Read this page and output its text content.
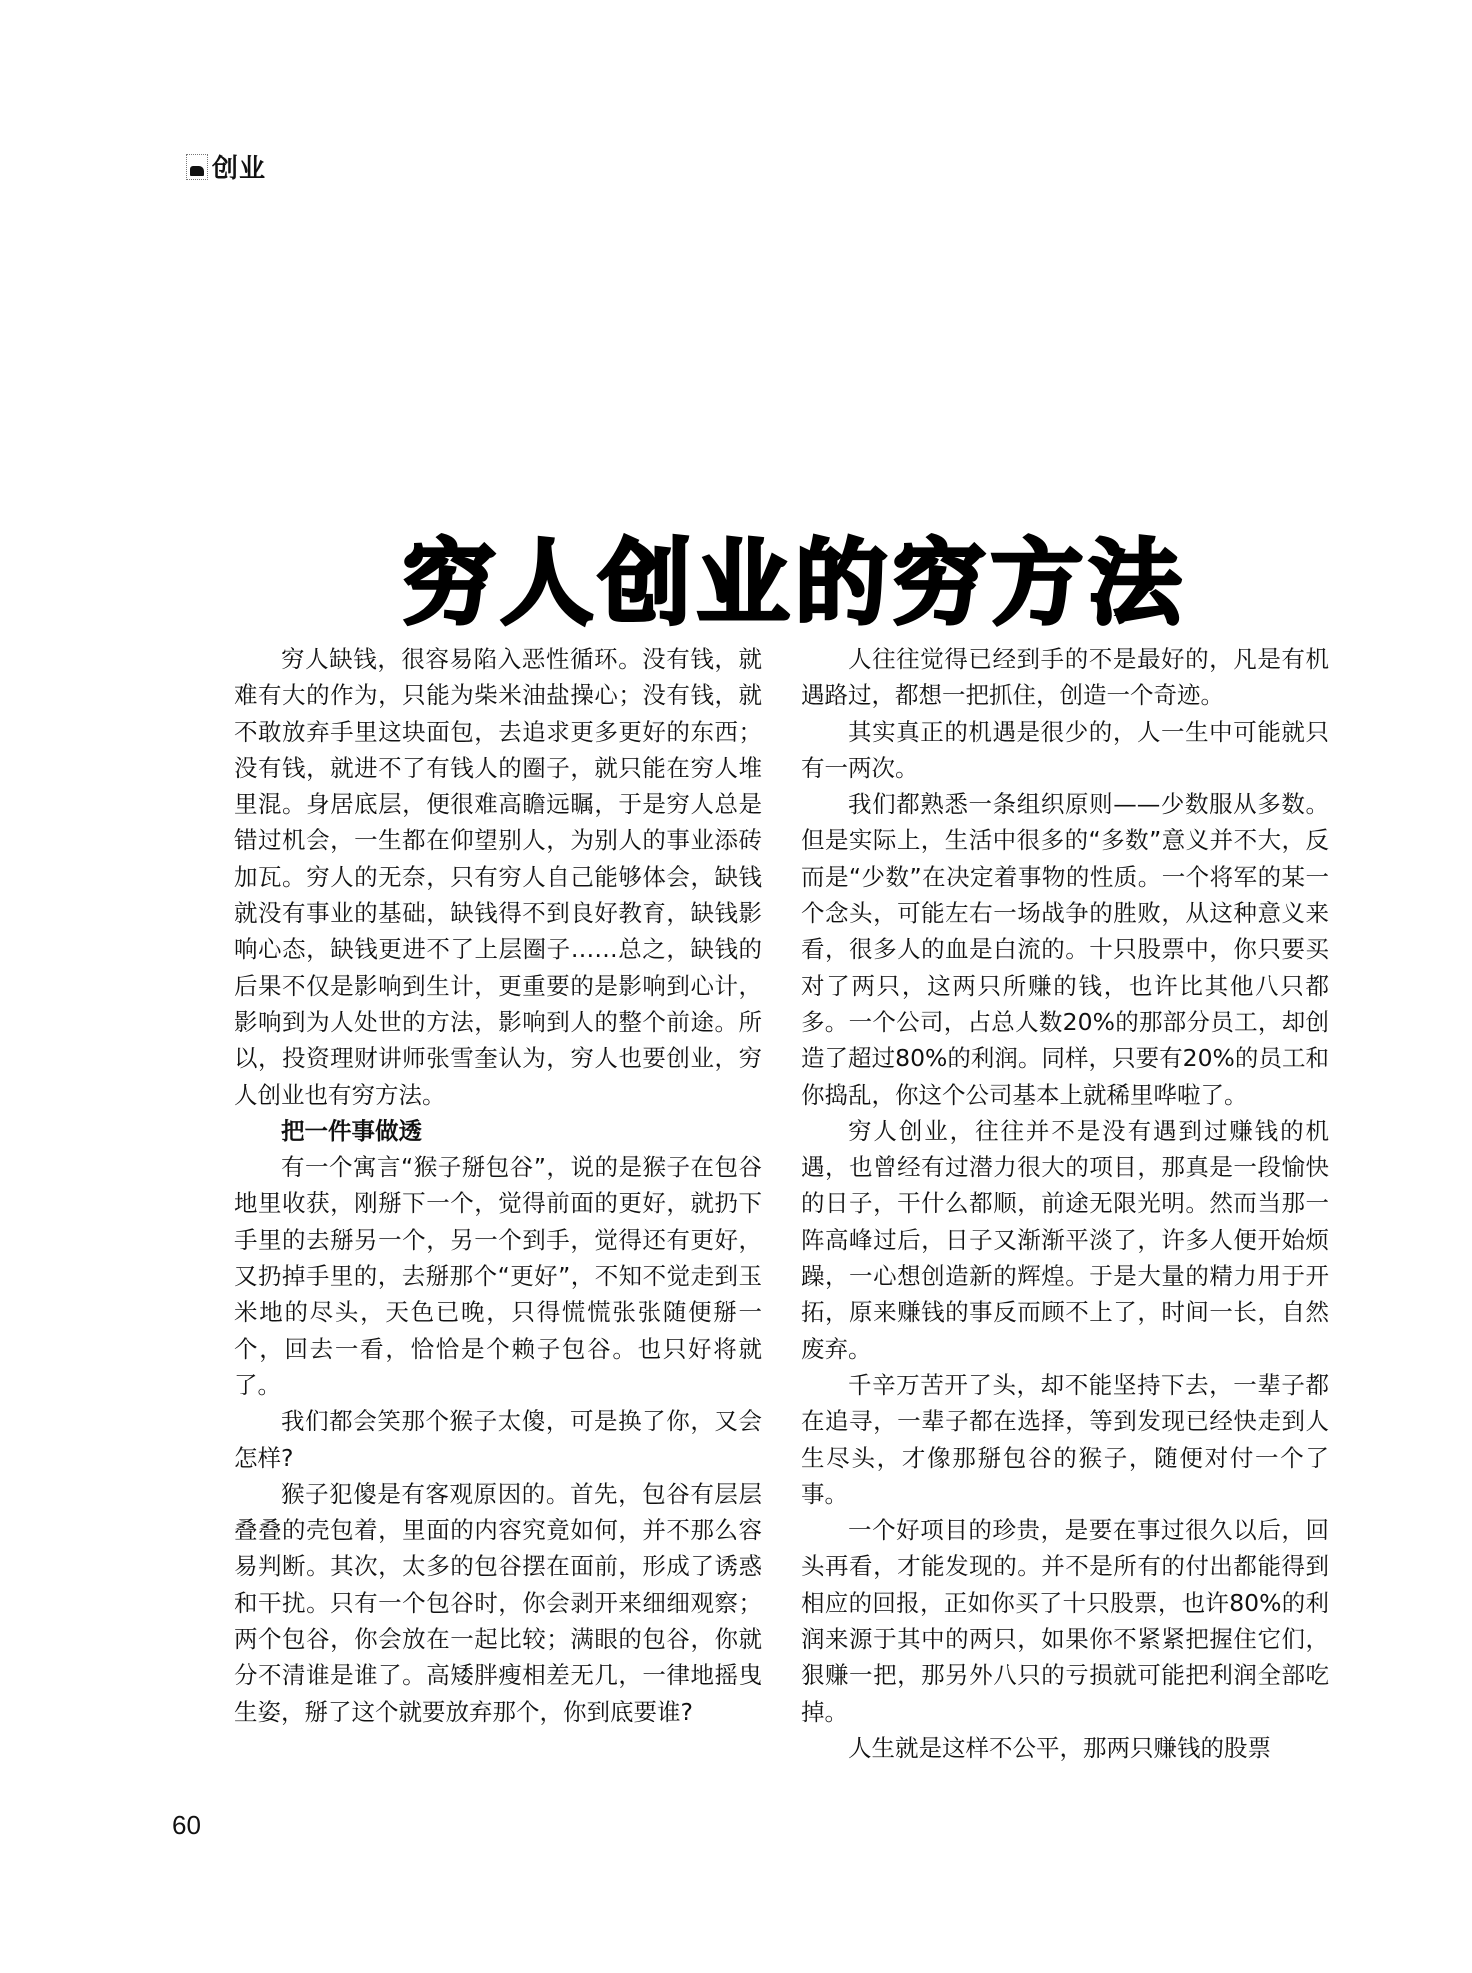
创业
穷人创业的穷方法

穷人缺钱，很容易陷入恶性循环。没有钱，就难有大的作为，只能为柴米油盐操心；没有钱，就不敢放弃手里这块面包，去追求更多更好的东西；没有钱，就进不了有钱人的圈子，就只能在穷人堆里混。身居底层，便很难高瞻远瞩，于是穷人总是错过机会，一生都在仰望别人，为别人的事业添砖加瓦。穷人的无奈，只有穷人自己能够体会，缺钱就没有事业的基础，缺钱得不到良好教育，缺钱影响心态，缺钱更进不了上层圈子……总之，缺钱的后果不仅是影响到生计，更重要的是影响到心计，影响到为人处世的方法，影响到人的整个前途。所以，投资理财讲师张雪奎认为，穷人也要创业，穷人创业也有穷方法。

把一件事做透

有一个寓言“猴子掰包谷”，说的是猴子在包谷地里收获，刚掰下一个，觉得前面的更好，就扔下手里的去掰另一个，另一个到手，觉得还有更好，又扔掉手里的，去掰那个“更好”，不知不觉走到玉米地的尽头，天色已晚，只得慌慌张张随便掰一个，回去一看，恰恰是个赖子包谷。也只好将就了。

我们都会笑那个猴子太傻，可是换了你，又会怎样?

猴子犯傻是有客观原因的。首先，包谷有层层叠叠的壳包着，里面的内容究竟如何，并不那么容易判断。其次，太多的包谷摆在面前，形成了诱惑和干扰。只有一个包谷时，你会剥开来细细观察；两个包谷，你会放在一起比较；满眼的包谷，你就分不清谁是谁了。高矮胖瘦相差无几，一律地摇曳生姿，掰了这个就要放弃那个，你到底要谁?

人往往觉得已经到手的不是最好的，凡是有机遇路过，都想一把抓住，创造一个奇迹。

其实真正的机遇是很少的，人一生中可能就只有一两次。

我们都熟悉一条组织原则——少数服从多数。但是实际上，生活中很多的“多数”意义并不大，反而是“少数”在决定着事物的性质。一个将军的某一个念头，可能左右一场战争的胜败，从这种意义来看，很多人的血是白流的。十只股票中，你只要买对了两只，这两只所赚的钱，也许比其他八只都多。一个公司，占总人数20%的那部分员工，却创造了超过80%的利润。同样，只要有20%的员工和你捣乱，你这个公司基本上就稀里哗啦了。

穷人创业，往往并不是没有遇到过赚钱的机遇，也曾经有过潜力很大的项目，那真是一段愉快的日子，干什么都顺，前途无限光明。然而当那一阵高峰过后，日子又渐渐平淡了，许多人便开始烦躁，一心想创造新的辉煌。于是大量的精力用于开拓，原来赚钱的事反而顾不上了，时间一长，自然废弃。

千辛万苦开了头，却不能坚持下去，一辈子都在追寻，一辈子都在选择，等到发现已经快走到人生尽头，才像那掰包谷的猴子，随便对付一个了事。

一个好项目的珍贵，是要在事过很久以后，回头再看，才能发现的。并不是所有的付出都能得到相应的回报，正如你买了十只股票，也许80%的利润来源于其中的两只，如果你不紧紧把握住它们，狠赚一把，那另外八只的亏损就可能把利润全部吃掉。

人生就是这样不公平，那两只赚钱的股票

60
